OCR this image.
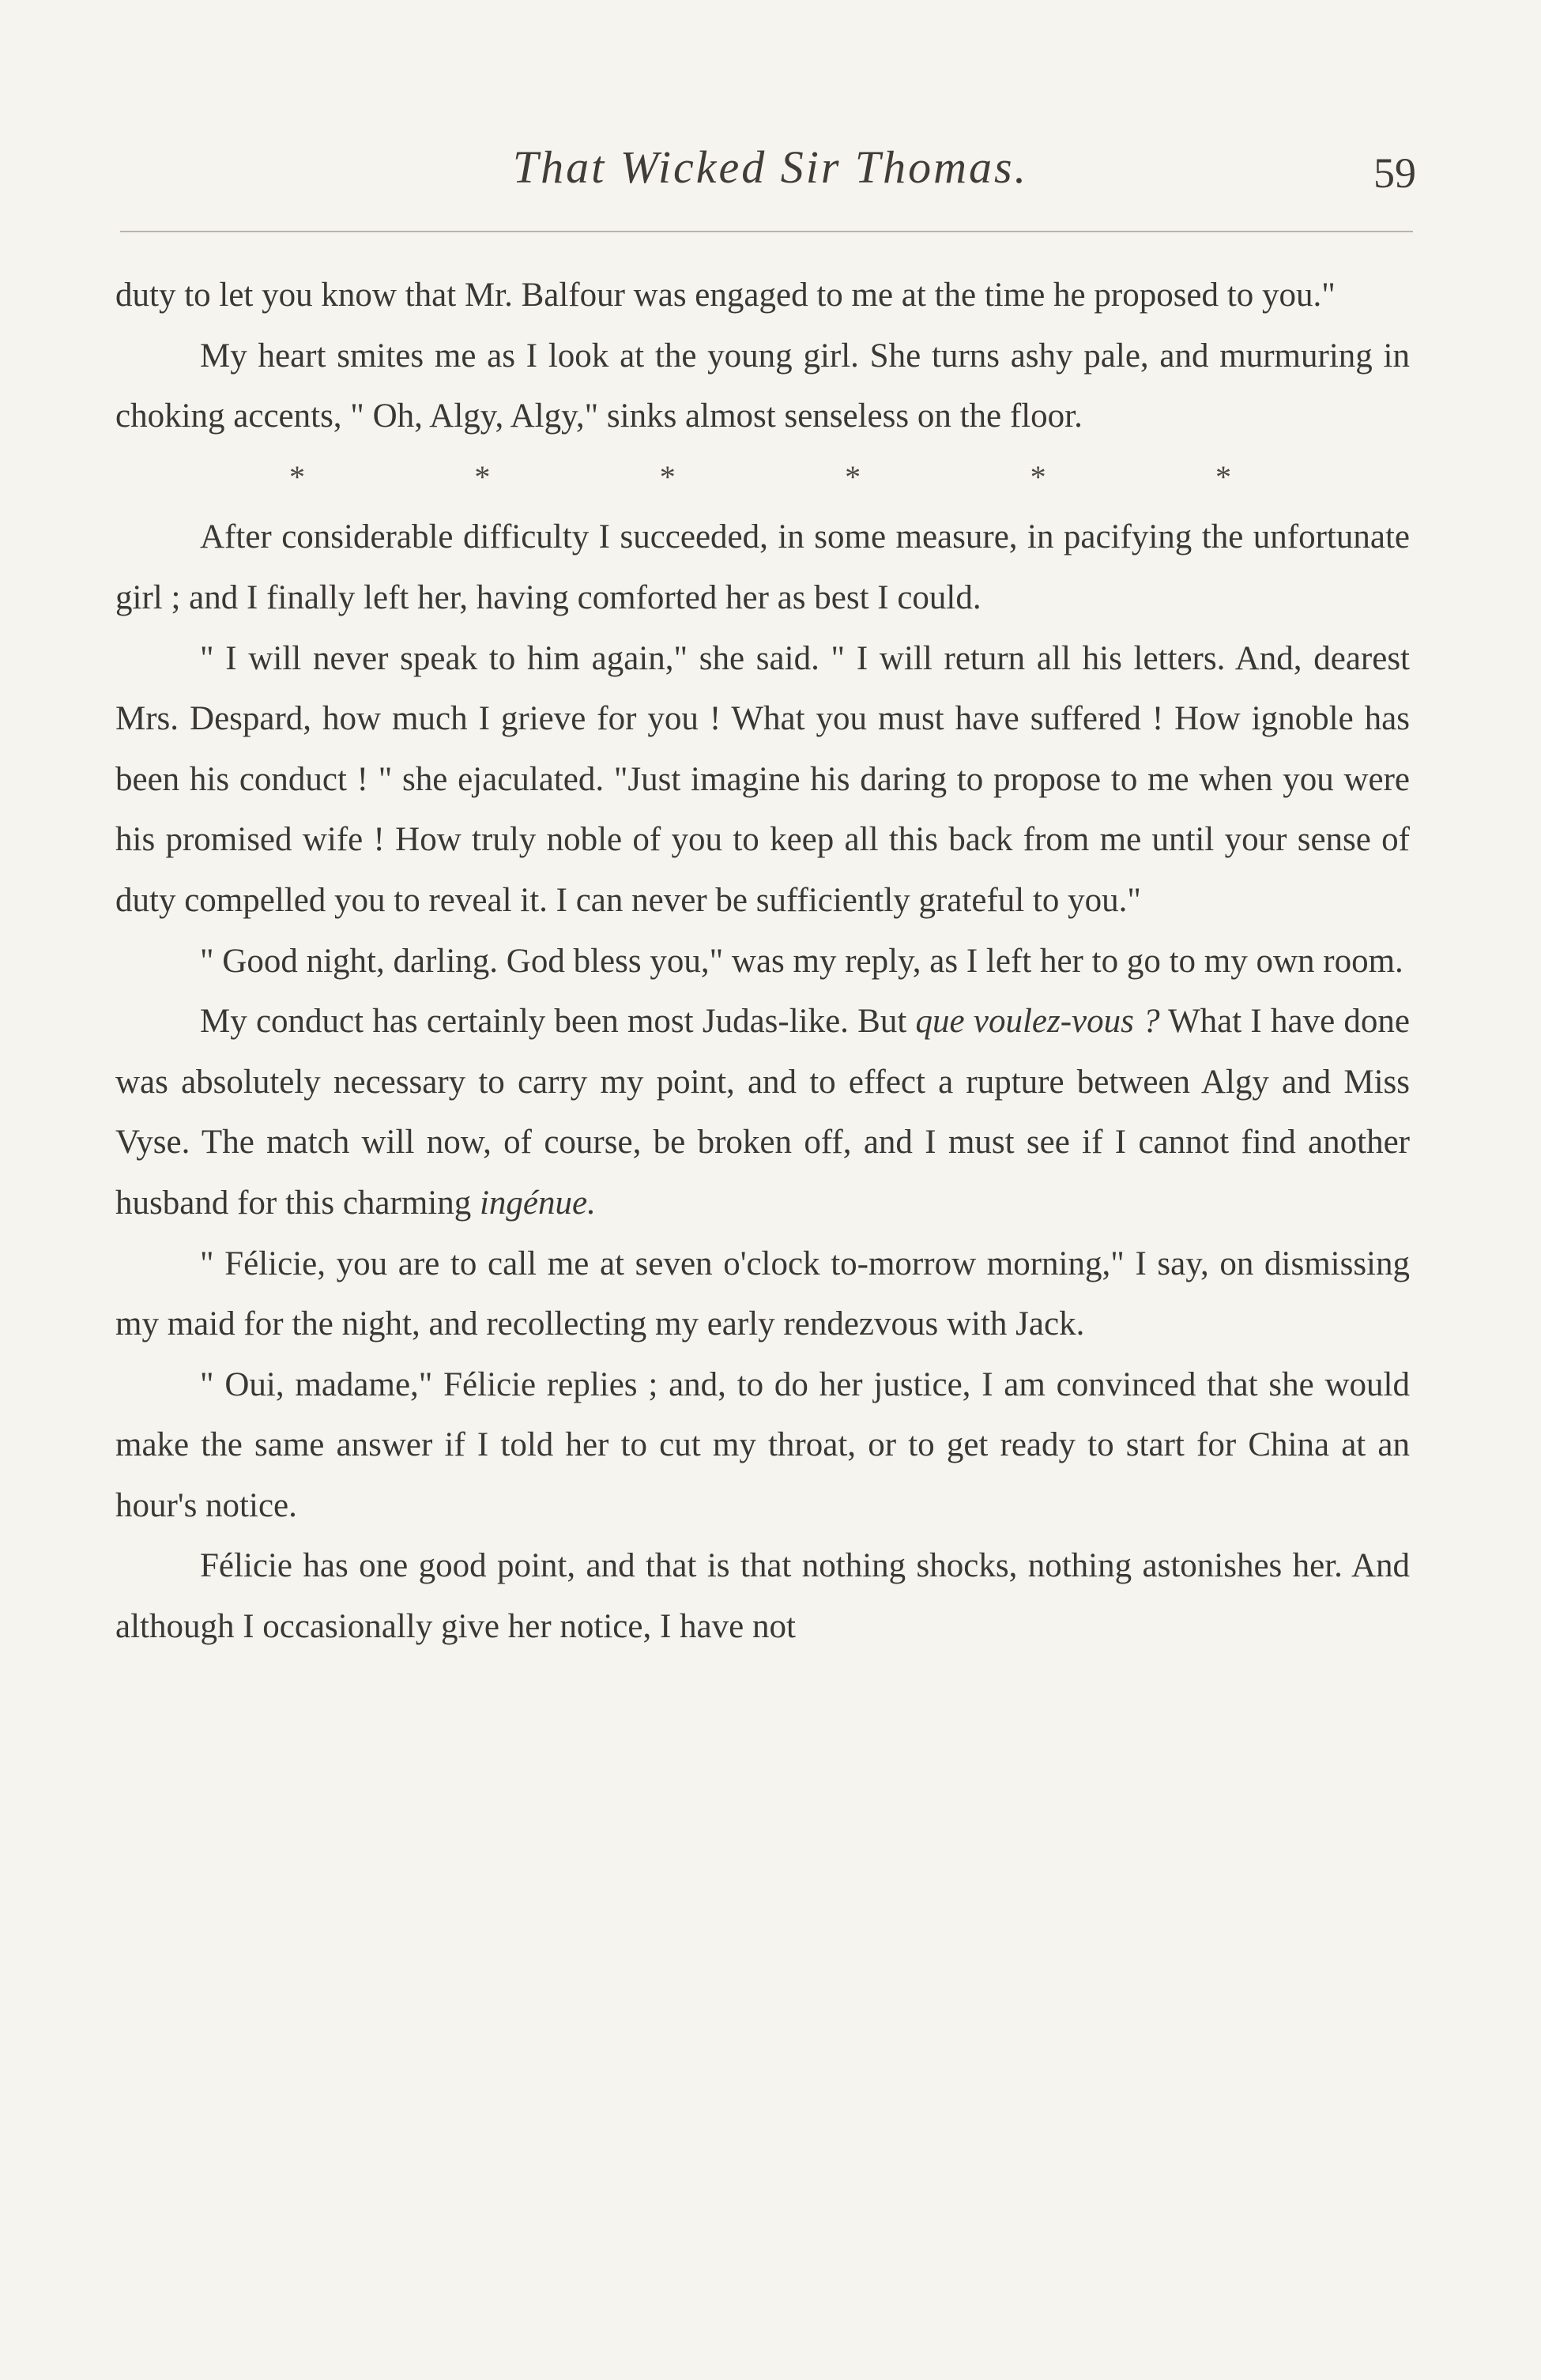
That Wicked Sir Thomas.	59

duty to let you know that Mr. Balfour was engaged to me at the time he proposed to you."

My heart smites me as I look at the young girl. She turns ashy pale, and murmuring in choking accents, " Oh, Algy, Algy," sinks almost senseless on the floor.

*	*	*	*	*	*

After considerable difficulty I succeeded, in some measure, in pacifying the unfortunate girl ; and I finally left her, having comforted her as best I could.

" I will never speak to him again," she said. " I will return all his letters. And, dearest Mrs. Despard, how much I grieve for you ! What you must have suffered ! How ignoble has been his conduct ! " she ejaculated. "Just imagine his daring to propose to me when you were his promised wife ! How truly noble of you to keep all this back from me until your sense of duty compelled you to reveal it. I can never be sufficiently grateful to you."

" Good night, darling. God bless you," was my reply, as I left her to go to my own room.

My conduct has certainly been most Judas-like. But que voulez-vous ? What I have done was absolutely necessary to carry my point, and to effect a rupture between Algy and Miss Vyse. The match will now, of course, be broken off, and I must see if I cannot find another husband for this charming ingénue.

" Félicie, you are to call me at seven o'clock to-morrow morning," I say, on dismissing my maid for the night, and recollecting my early rendezvous with Jack.

" Oui, madame," Félicie replies ; and, to do her justice, I am convinced that she would make the same answer if I told her to cut my throat, or to get ready to start for China at an hour's notice.

Félicie has one good point, and that is that nothing shocks, nothing astonishes her. And although I occasionally give her notice, I have not
